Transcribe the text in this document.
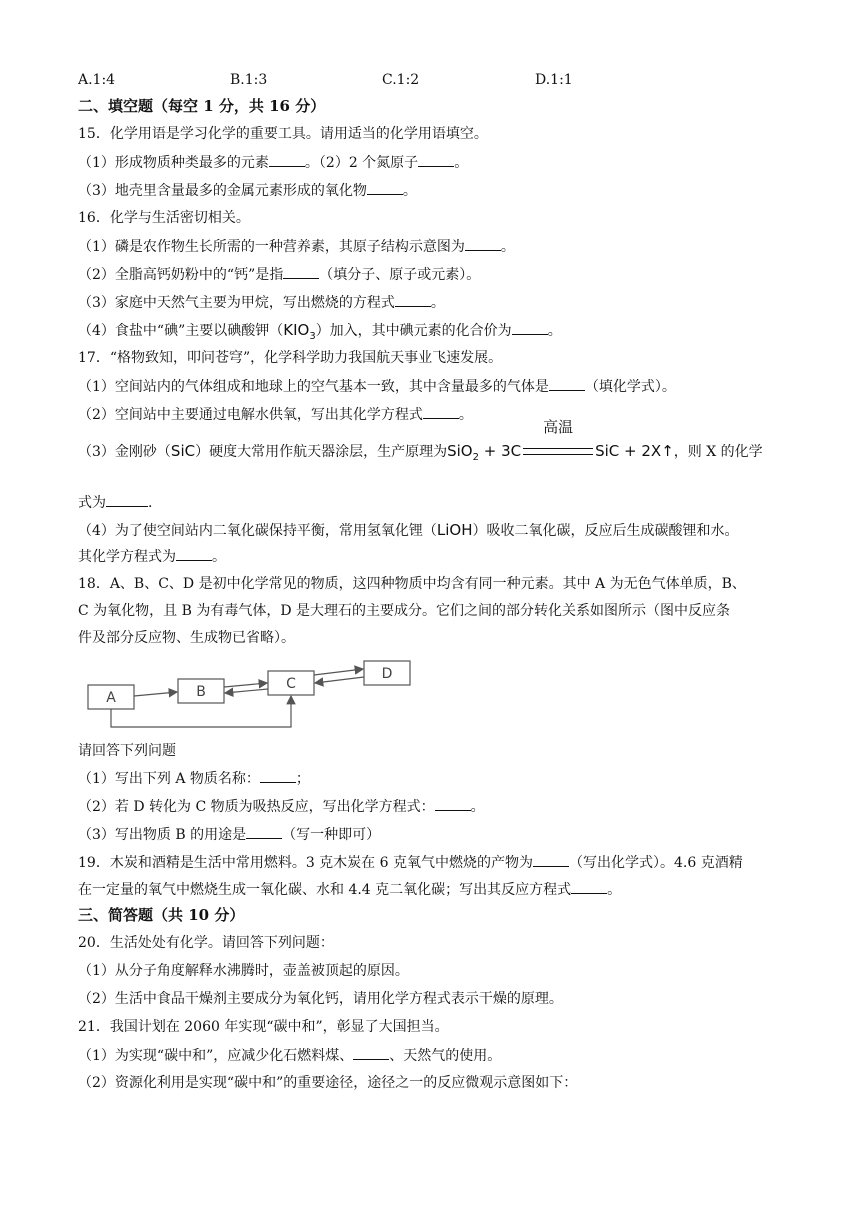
A.1:4	B.1:3	C.1:2	D.1:1
二、填空题（每空 1 分，共 16 分）
15．化学用语是学习化学的重要工具。请用适当的化学用语填空。
（1）形成物质种类最多的元素	。（2）2 个氮原子	。
（3）地壳里含量最多的金属元素形成的氧化物	。
16．化学与生活密切相关。
（1）磷是农作物生长所需的一种营养素，其原子结构示意图为	。
（2）全脂高钙奶粉中的“钙”是指	（填分子、原子或元素）。
（3）家庭中天然气主要为甲烷，写出燃烧的方程式	。
（4）食盐中“碘”主要以碘酸钾$(KIO_3)$加入，其中碘元素的化合价为	。
17．“格物致知，叩问苍穹”，化学科学助力我国航天事业飞速发展。
（1）空间站内的气体组成和地球上的空气基本一致，其中含量最多的气体是	（填化学式）。
（2）空间站中主要通过电解水供氧，写出其化学方程式	。
（3）金刚砂（SiC）硬度大常用作航天器涂层，生产原理为SiO$_2$ + 3C
高温
SiC + 2X↑，则 X 的化学
式为	.
（4）为了使空间站内二氧化碳保持平衡，常用氢氧化锂（LiOH）吸收二氧化碳，反应后生成碳酸锂和水。
其化学方程式为	。
18．A、B、C、D 是初中化学常见的物质，这四种物质中均含有同一种元素。其中 A 为无色气体单质，B、
C 为氧化物，且 B 为有毒气体，D 是大理石的主要成分。它们之间的部分转化关系如图所示（图中反应条
件及部分反应物、生成物已省略）。
A	B	C
D
请回答下列问题
（1）写出下列 A 物质名称：	；
（2）若 D 转化为 C 物质为吸热反应，写出化学方程式：	。
（3）写出物质 B 的用途是	（写一种即可）
19．木炭和酒精是生活中常用燃料。3 克木炭在 6 克氧气中燃烧的产物为	（写出化学式）。4.6 克酒精
在一定量的氧气中燃烧生成一氧化碳、水和 4.4 克二氧化碳；写出其反应方程式	。
三、简答题（共 10 分）
20．生活处处有化学。请回答下列问题：
（1）从分子角度解释水沸腾时，壶盖被顶起的原因。
（2）生活中食品干燥剂主要成分为氧化钙，请用化学方程式表示干燥的原理。
21．我国计划在 2060 年实现“碳中和”，彰显了大国担当。
（1）为实现“碳中和”，应减少化石燃料煤、	、天然气的使用。
（2）资源化利用是实现“碳中和”的重要途径，途径之一的反应微观示意图如下：
